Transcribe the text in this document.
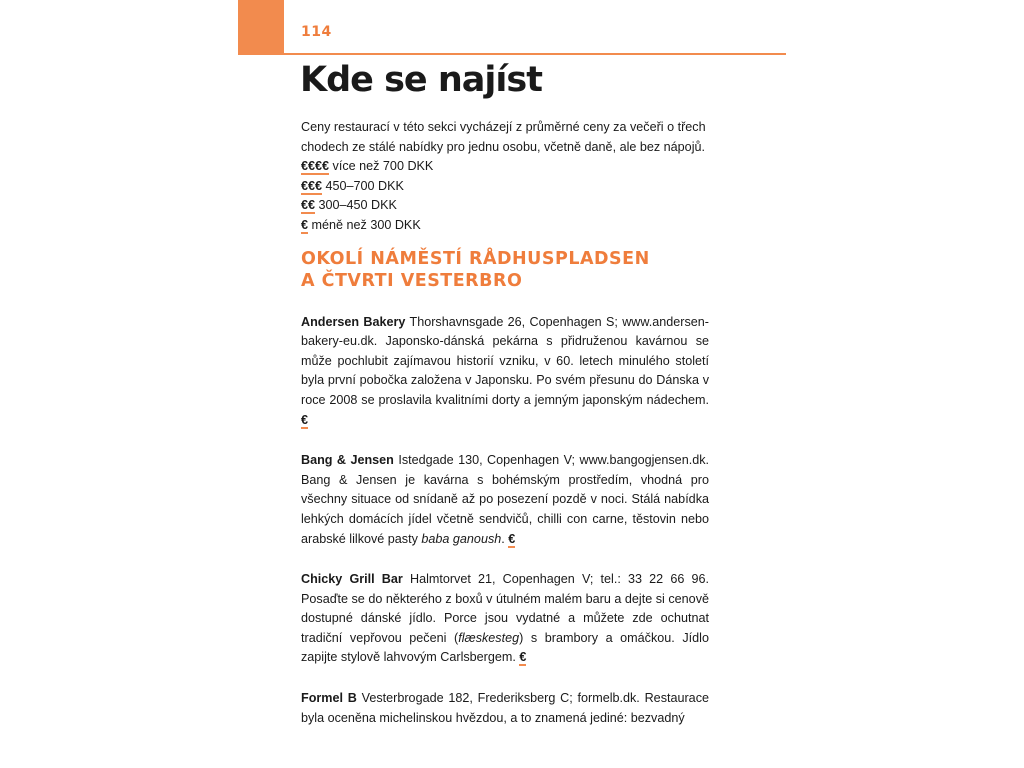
114
Kde se najíst

Ceny restaurací v této sekci vycházejí z průměrné ceny za večeři o třech chodech ze stálé nabídky pro jednu osobu, včetně daně, ale bez nápojů.
€€€€ více než 700 DKK
€€€ 450–700 DKK
€€ 300–450 DKK
€ méně než 300 DKK

OKOLÍ NÁMĚSTÍ RÅDHUSPLADSEN
A ČTVRTI VESTERBRO

Andersen Bakery Thorshavnsgade 26, Copenhagen S; www.andersen-bakery-eu.dk. Japonsko-dánská pekárna s přidruženou kavárnou se může pochlubit zajímavou historií vzniku, v 60. letech minulého století byla první pobočka založena v Japonsku. Po svém přesunu do Dánska v roce 2008 se proslavila kvalitními dorty a jemným japonským nádechem. €

Bang & Jensen Istedgade 130, Copenhagen V; www.bangogjensen.dk. Bang & Jensen je kavárna s bohémským prostředím, vhodná pro všechny situace od snídaně až po posezení pozdě v noci. Stálá nabídka lehkých domácích jídel včetně sendvičů, chilli con carne, těstovin nebo arabské lilkové pasty baba ganoush. €

Chicky Grill Bar Halmtorvet 21, Copenhagen V; tel.: 33 22 66 96. Posaďte se do některého z boxů v útulném malém baru a dejte si cenově dostupné dánské jídlo. Porce jsou vydatné a můžete zde ochutnat tradiční vepřovou pečeni (flæskesteg) s brambory a omáčkou. Jídlo zapijte stylově lahvovým Carlsbergem. €

Formel B Vesterbrogade 182, Frederiksberg C; formelb.dk. Restaurace byla oceněna michelinskou hvězdou, a to znamená jediné: bezvadný
